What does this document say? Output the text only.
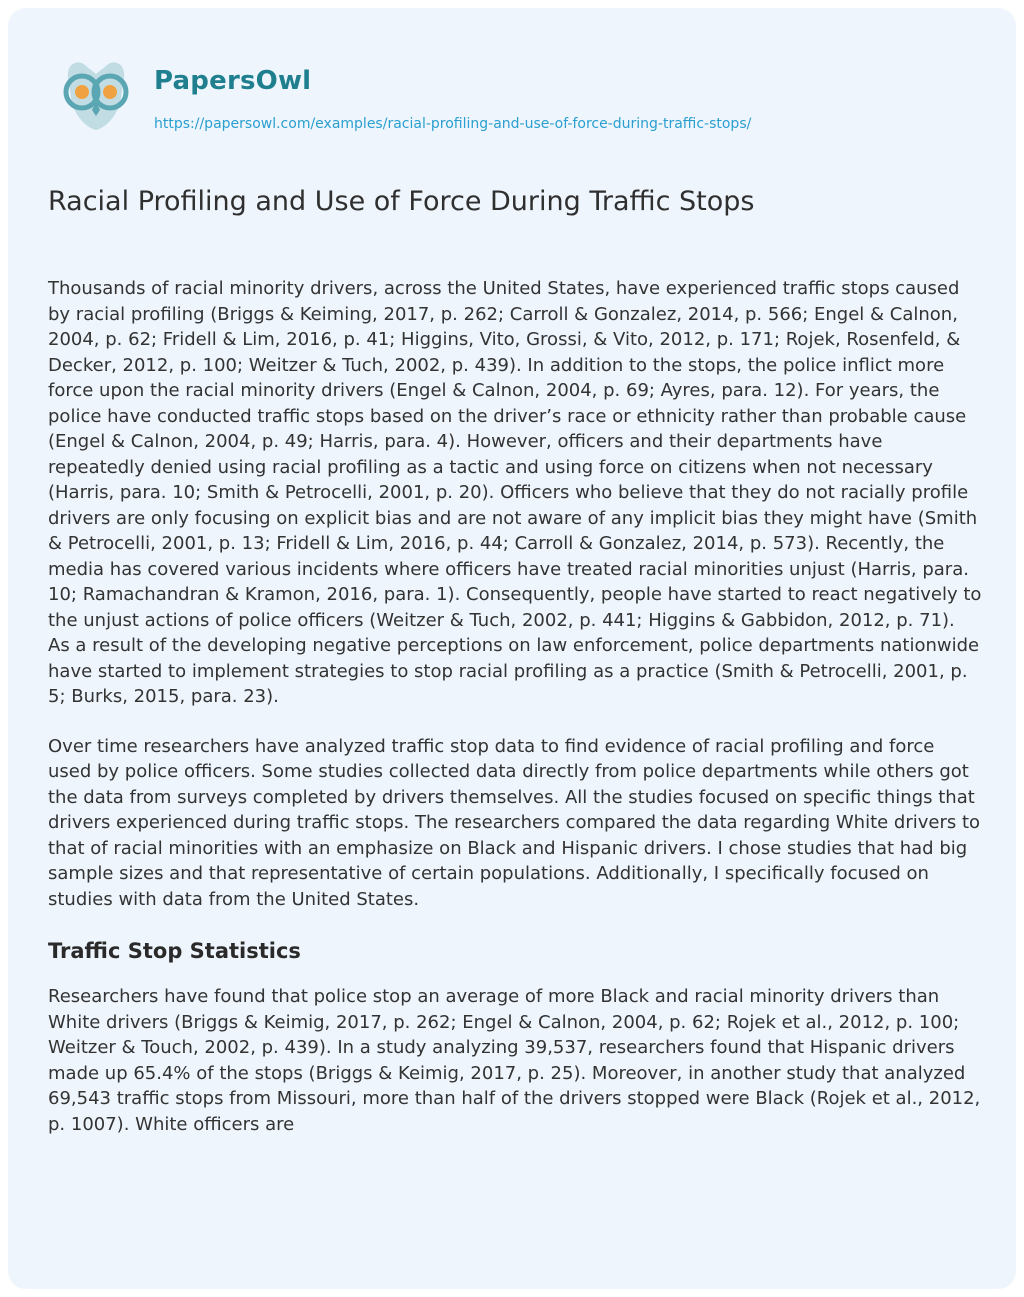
PapersOwl
https://papersowl.com/examples/racial-profiling-and-use-of-force-during-traffic-stops/
Racial Profiling and Use of Force During Traffic Stops

Thousands of racial minority drivers, across the United States, have experienced traffic stops caused by racial profiling (Briggs & Keiming, 2017, p. 262; Carroll & Gonzalez, 2014, p. 566; Engel & Calnon, 2004, p. 62; Fridell & Lim, 2016, p. 41; Higgins, Vito, Grossi, & Vito, 2012, p. 171; Rojek, Rosenfeld, & Decker, 2012, p. 100; Weitzer & Tuch, 2002, p. 439). In addition to the stops, the police inflict more force upon the racial minority drivers (Engel & Calnon, 2004, p. 69; Ayres, para. 12). For years, the police have conducted traffic stops based on the driver’s race or ethnicity rather than probable cause (Engel & Calnon, 2004, p. 49; Harris, para. 4). However, officers and their departments have repeatedly denied using racial profiling as a tactic and using force on citizens when not necessary (Harris, para. 10; Smith & Petrocelli, 2001, p. 20). Officers who believe that they do not racially profile drivers are only focusing on explicit bias and are not aware of any implicit bias they might have (Smith & Petrocelli, 2001, p. 13; Fridell & Lim, 2016, p. 44; Carroll & Gonzalez, 2014, p. 573). Recently, the media has covered various incidents where officers have treated racial minorities unjust (Harris, para. 10; Ramachandran & Kramon, 2016, para. 1). Consequently, people have started to react negatively to the unjust actions of police officers (Weitzer & Tuch, 2002, p. 441; Higgins & Gabbidon, 2012, p. 71). As a result of the developing negative perceptions on law enforcement, police departments nationwide have started to implement strategies to stop racial profiling as a practice (Smith & Petrocelli, 2001, p. 5; Burks, 2015, para. 23).

Over time researchers have analyzed traffic stop data to find evidence of racial profiling and force used by police officers. Some studies collected data directly from police departments while others got the data from surveys completed by drivers themselves. All the studies focused on specific things that drivers experienced during traffic stops. The researchers compared the data regarding White drivers to that of racial minorities with an emphasize on Black and Hispanic drivers. I chose studies that had big sample sizes and that representative of certain populations. Additionally, I specifically focused on studies with data from the United States.

Traffic Stop Statistics

Researchers have found that police stop an average of more Black and racial minority drivers than White drivers (Briggs & Keimig, 2017, p. 262; Engel & Calnon, 2004, p. 62; Rojek et al., 2012, p. 100; Weitzer & Touch, 2002, p. 439). In a study analyzing 39,537, researchers found that Hispanic drivers made up 65.4% of the stops (Briggs & Keimig, 2017, p. 25). Moreover, in another study that analyzed 69,543 traffic stops from Missouri, more than half of the drivers stopped were Black (Rojek et al., 2012, p. 1007). White officers are
